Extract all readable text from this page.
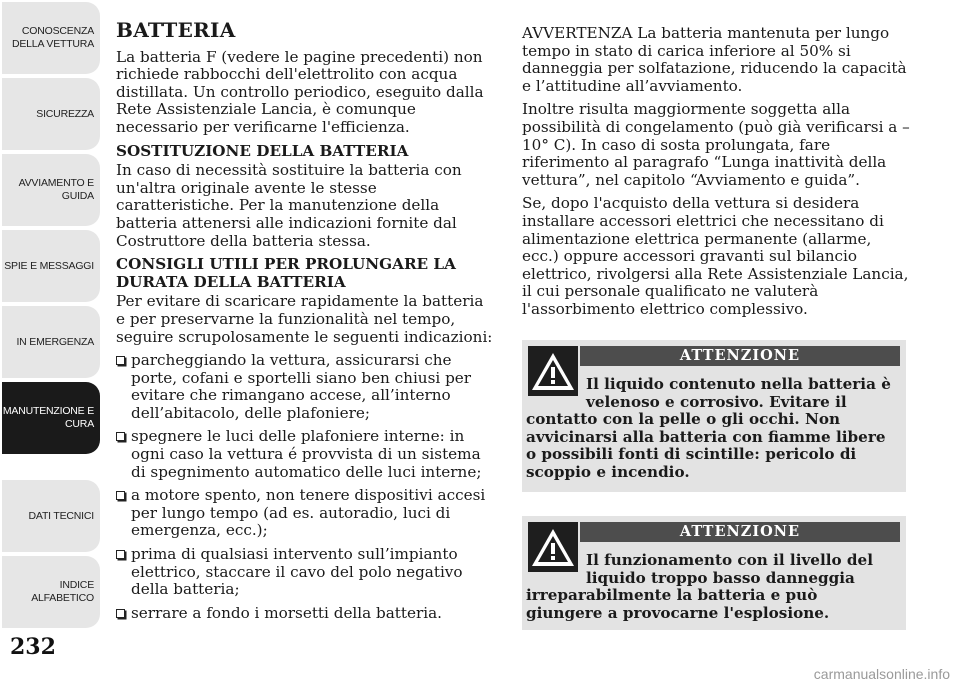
CONOSCENZA DELLA VETTURA
SICUREZZA
AVVIAMENTO E GUIDA
SPIE E MESSAGGI
IN EMERGENZA
MANUTENZIONE E CURA
DATI TECNICI
INDICE ALFABETICO
232
BATTERIA

La batteria F (vedere le pagine precedenti) non richiede rabbocchi dell'elettrolito con acqua distillata. Un controllo periodico, eseguito dalla Rete Assistenziale Lancia, è comunque necessario per verificarne l'efficienza.

SOSTITUZIONE DELLA BATTERIA

In caso di necessità sostituire la batteria con un'altra originale avente le stesse caratteristiche. Per la manutenzione della batteria attenersi alle indicazioni fornite dal Costruttore della batteria stessa.

CONSIGLI UTILI PER PROLUNGARE LA DURATA DELLA BATTERIA

Per evitare di scaricare rapidamente la batteria e per preservarne la funzionalità nel tempo, seguire scrupolosamente le seguenti indicazioni:

parcheggiando la vettura, assicurarsi che porte, cofani e sportelli siano ben chiusi per evitare che rimangano accese, all’interno dell’abitacolo, delle plafoniere;
spegnere le luci delle plafoniere interne: in ogni caso la vettura é provvista di un sistema di spegnimento automatico delle luci interne;
a motore spento, non tenere dispositivi accesi per lungo tempo (ad es. autoradio, luci di emergenza, ecc.);
prima di qualsiasi intervento sull’impianto elettrico, staccare il cavo del polo negativo della batteria;
serrare a fondo i morsetti della batteria.

AVVERTENZA La batteria mantenuta per lungo tempo in stato di carica inferiore al 50% si danneggia per solfatazione, riducendo la capacità e l’attitudine all’avviamento.

Inoltre risulta maggiormente soggetta alla possibilità di congelamento (può già verificarsi a –10° C). In caso di sosta prolungata, fare riferimento al paragrafo “Lunga inattività della vettura”, nel capitolo “Avviamento e guida”.

Se, dopo l'acquisto della vettura si desidera installare accessori elettrici che necessitano di alimentazione elettrica permanente (allarme, ecc.) oppure accessori gravanti sul bilancio elettrico, rivolgersi alla Rete Assistenziale Lancia, il cui personale qualificato ne valuterà l'assorbimento elettrico complessivo.

ATTENZIONE
Il liquido contenuto nella batteria è velenoso e corrosivo. Evitare il
contatto con la pelle o gli occhi. Non avvicinarsi alla batteria con fiamme libere o possibili fonti di scintille: pericolo di scoppio e incendio.
ATTENZIONE
Il funzionamento con il livello del liquido troppo basso danneggia
irreparabilmente la batteria e può giungere a provocarne l'esplosione.
carmanualsonline.info
